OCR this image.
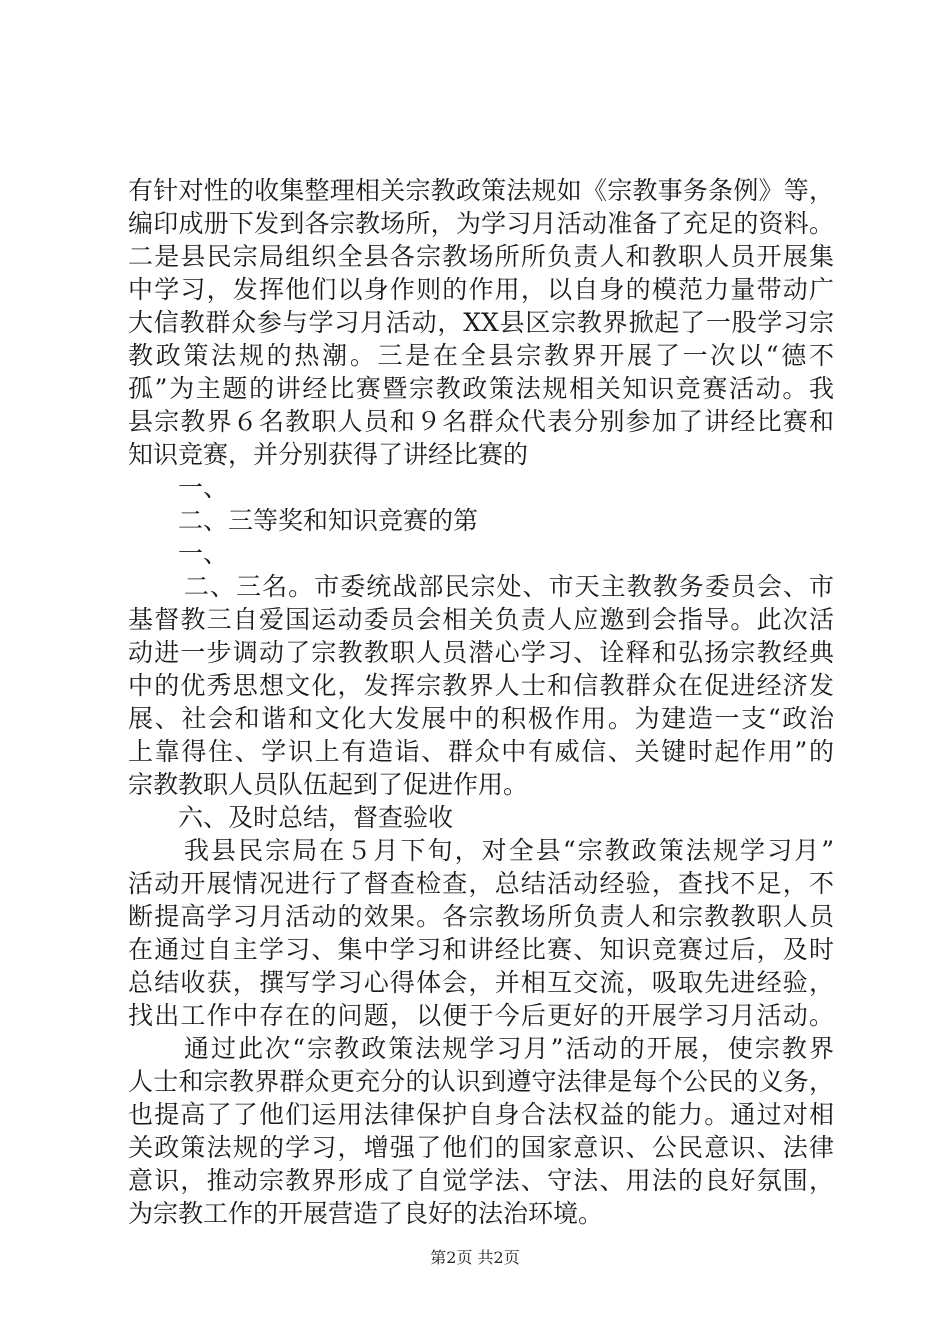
有针对性的收集整理相关宗教政策法规如《宗教事务条例》等，
编印成册下发到各宗教场所，为学习月活动准备了充足的资料。
二是县民宗局组织全县各宗教场所所负责人和教职人员开展集
中学习，发挥他们以身作则的作用，以自身的模范力量带动广
大信教群众参与学习月活动，XX县区宗教界掀起了一股学习宗
教政策法规的热潮。三是在全县宗教界开展了一次以“德不
孤”为主题的讲经比赛暨宗教政策法规相关知识竞赛活动。我
县宗教界６名教职人员和９名群众代表分别参加了讲经比赛和
知识竞赛，并分别获得了讲经比赛的
一、
二、三等奖和知识竞赛的第
一、
二、三名。市委统战部民宗处、市天主教教务委员会、市
基督教三自爱国运动委员会相关负责人应邀到会指导。此次活
动进一步调动了宗教教职人员潜心学习、诠释和弘扬宗教经典
中的优秀思想文化，发挥宗教界人士和信教群众在促进经济发
展、社会和谐和文化大发展中的积极作用。为建造一支“政治
上靠得住、学识上有造诣、群众中有威信、关键时起作用”的
宗教教职人员队伍起到了促进作用。
六、及时总结，督查验收
我县民宗局在５月下旬，对全县“宗教政策法规学习月”
活动开展情况进行了督查检查，总结活动经验，查找不足，不
断提高学习月活动的效果。各宗教场所负责人和宗教教职人员
在通过自主学习、集中学习和讲经比赛、知识竞赛过后，及时
总结收获，撰写学习心得体会，并相互交流，吸取先进经验，
找出工作中存在的问题，以便于今后更好的开展学习月活动。
通过此次“宗教政策法规学习月”活动的开展，使宗教界
人士和宗教界群众更充分的认识到遵守法律是每个公民的义务，
也提高了了他们运用法律保护自身合法权益的能力。通过对相
关政策法规的学习，增强了他们的国家意识、公民意识、法律
意识，推动宗教界形成了自觉学法、守法、用法的良好氛围，
为宗教工作的开展营造了良好的法治环境。
第2页 共2页
